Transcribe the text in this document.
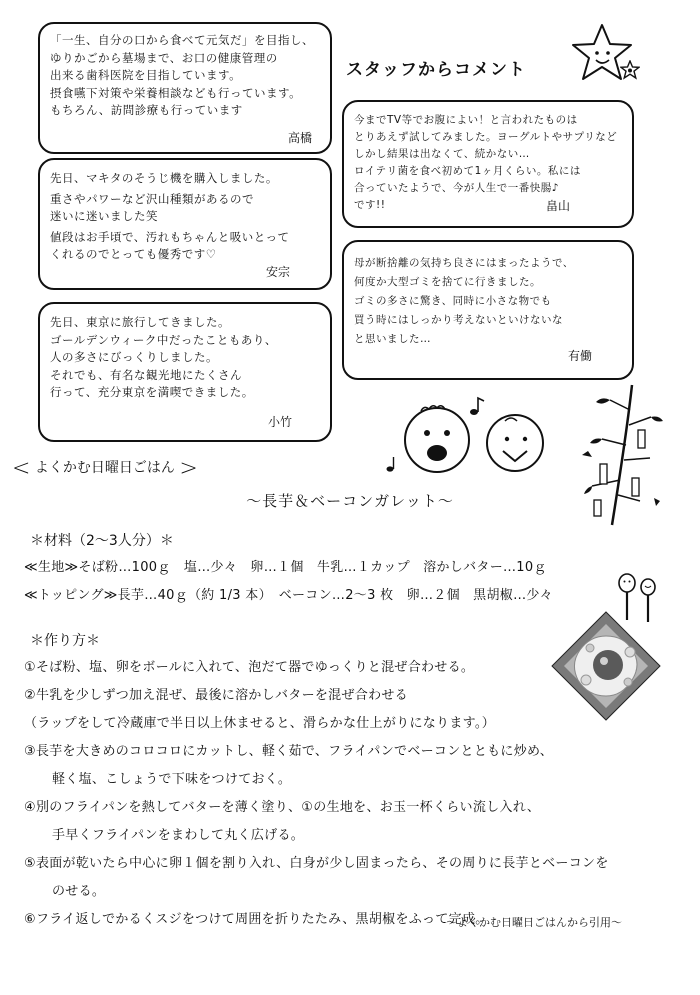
スタッフからコメント
「一生、自分の口から食べて元気だ」を目指し、
ゆりかごから墓場まで、お口の健康管理の
出来る歯科医院を目指しています。
摂食嚥下対策や栄養相談なども行っています。
もちろん、訪問診療も行っています
高橋
先日、マキタのそうじ機を購入しました。
重さやパワーなど沢山種類があるので
迷いに迷いました笑
値段はお手頃で、汚れもちゃんと吸いとって
くれるのでとっても優秀です♡
安宗
先日、東京に旅行してきました。
ゴールデンウィーク中だったこともあり、
人の多さにびっくりしました。
それでも、有名な観光地にたくさん
行って、充分東京を満喫できました。
小竹
今までTV等でお腹によい！と言われたものは
とりあえず試してみました。ヨーグルトやサプリなど
しかし結果は出なくて、続かない…
ロイテリ菌を食べ初めて1ヶ月くらい。私には
合っていたようで、今が人生で一番快腸♪
です!!	畠山
母が断捨離の気持ち良さにはまったようで、
何度か大型ゴミを捨てに行きました。
ゴミの多さに驚き、同時に小さな物でも
買う時にはしっかり考えないといけないな
と思いました…
有働
< よくかむ日曜日ごはん >
〜長芋＆ベーコンガレット〜
＊材料（2〜3人分）＊
≪生地≫そば粉…100ｇ　塩…少々　卵…１個　牛乳…１カップ　溶かしバター…10ｇ
≪トッピング≫長芋…40ｇ（約 1/3 本）　ベーコン…2〜3 枚　卵…２個　黒胡椒…少々
＊作り方＊
①そば粉、塩、卵をボールに入れて、泡だて器でゆっくりと混ぜ合わせる。
②牛乳を少しずつ加え混ぜ、最後に溶かしバターを混ぜ合わせる
（ラップをして冷蔵庫で半日以上休ませると、滑らかな仕上がりになります。）
③長芋を大きめのコロコロにカットし、軽く茹で、フライパンでベーコンとともに炒め、
軽く塩、こしょうで下味をつけておく。
④別のフライパンを熱してバターを薄く塗り、①の生地を、お玉一杯くらい流し入れ、
手早くフライパンをまわして丸く広げる。
⑤表面が乾いたら中心に卵１個を割り入れ、白身が少し固まったら、その周りに長芋とベーコンを
のせる。
⑥フライ返しでかるくスジをつけて周囲を折りたたみ、黒胡椒をふって完成。
〜よくかむ日曜日ごはんから引用〜
